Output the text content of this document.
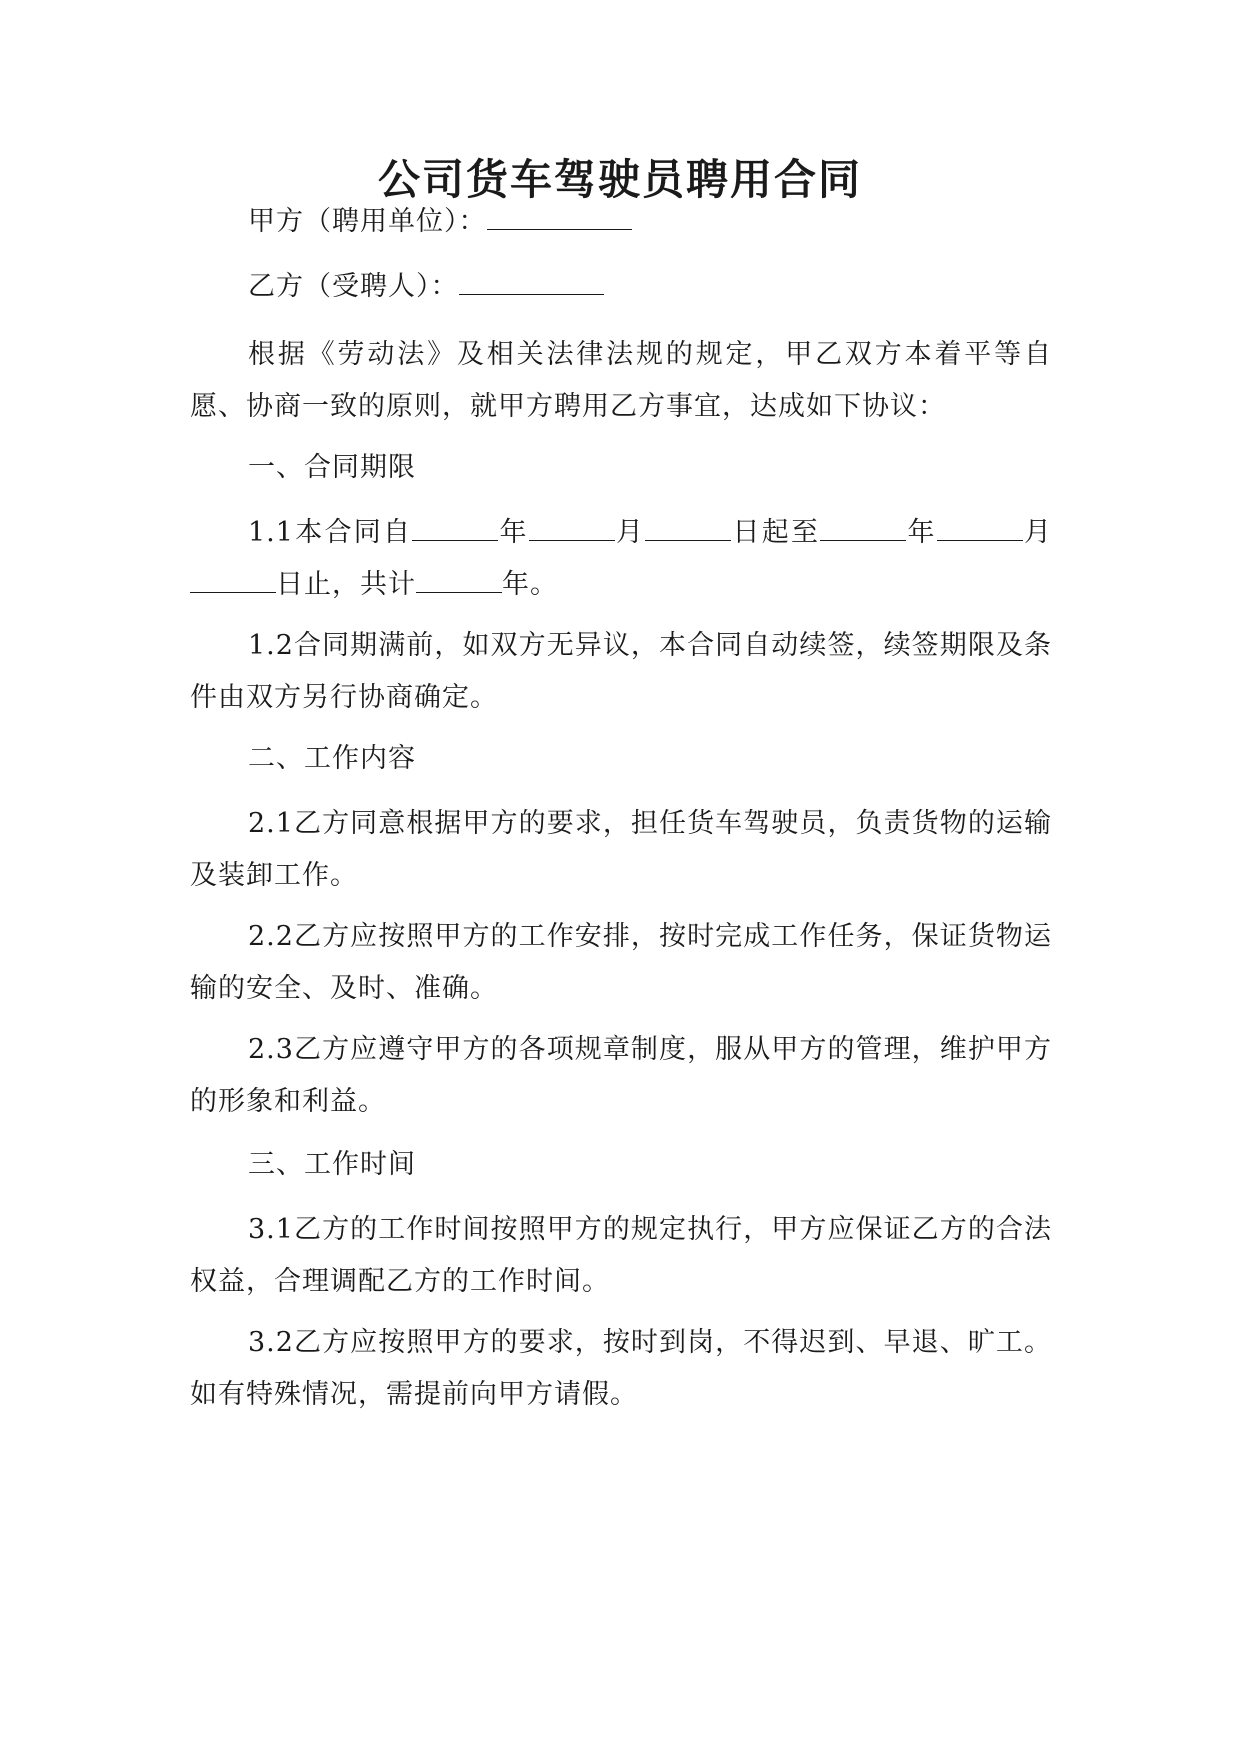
公司货车驾驶员聘用合同

甲方（聘用单位）：

乙方（受聘人）：

根据《劳动法》及相关法律法规的规定，甲乙双方本着平等自愿、协商一致的原则，就甲方聘用乙方事宜，达成如下协议：

一、合同期限

1.1本合同自	年	月	日起至	年	月日止，共计	年。

1.2合同期满前，如双方无异议，本合同自动续签，续签期限及条件由双方另行协商确定。

二、工作内容

2.1乙方同意根据甲方的要求，担任货车驾驶员，负责货物的运输及装卸工作。

2.2乙方应按照甲方的工作安排，按时完成工作任务，保证货物运输的安全、及时、准确。

2.3乙方应遵守甲方的各项规章制度，服从甲方的管理，维护甲方的形象和利益。

三、工作时间

3.1乙方的工作时间按照甲方的规定执行，甲方应保证乙方的合法权益，合理调配乙方的工作时间。

3.2乙方应按照甲方的要求，按时到岗，不得迟到、早退、旷工。如有特殊情况，需提前向甲方请假。
